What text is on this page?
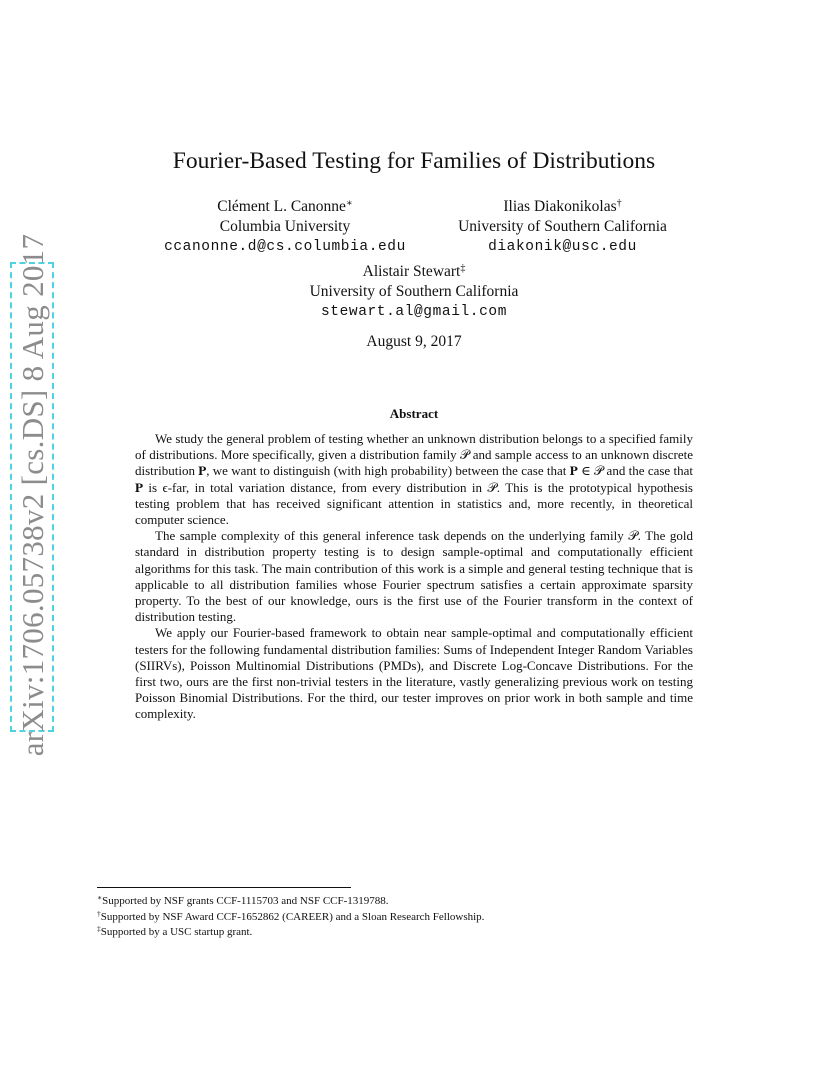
arXiv:1706.05738v2 [cs.DS] 8 Aug 2017
Fourier-Based Testing for Families of Distributions
Clément L. Canonne∗
Columbia University
ccanonne.d@cs.columbia.edu
Ilias Diakonikolas†
University of Southern California
diakonik@usc.edu
Alistair Stewart‡
University of Southern California
stewart.al@gmail.com
August 9, 2017
Abstract

We study the general problem of testing whether an unknown distribution belongs to a specified family of distributions. More specifically, given a distribution family 𝒫 and sample access to an unknown discrete distribution 𝐏, we want to distinguish (with high probability) between the case that 𝐏 ∈ 𝒫 and the case that 𝐏 is ϵ-far, in total variation distance, from every distribution in 𝒫. This is the prototypical hypothesis testing problem that has received significant attention in statistics and, more recently, in theoretical computer science.

The sample complexity of this general inference task depends on the underlying family 𝒫. The gold standard in distribution property testing is to design sample-optimal and computationally efficient algorithms for this task. The main contribution of this work is a simple and general testing technique that is applicable to all distribution families whose Fourier spectrum satisfies a certain approximate sparsity property. To the best of our knowledge, ours is the first use of the Fourier transform in the context of distribution testing.

We apply our Fourier-based framework to obtain near sample-optimal and computationally efficient testers for the following fundamental distribution families: Sums of Independent Integer Random Variables (SIIRVs), Poisson Multinomial Distributions (PMDs), and Discrete Log-Concave Distributions. For the first two, ours are the first non-trivial testers in the literature, vastly generalizing previous work on testing Poisson Binomial Distributions. For the third, our tester improves on prior work in both sample and time complexity.

∗Supported by NSF grants CCF-1115703 and NSF CCF-1319788.
†Supported by NSF Award CCF-1652862 (CAREER) and a Sloan Research Fellowship.
‡Supported by a USC startup grant.
